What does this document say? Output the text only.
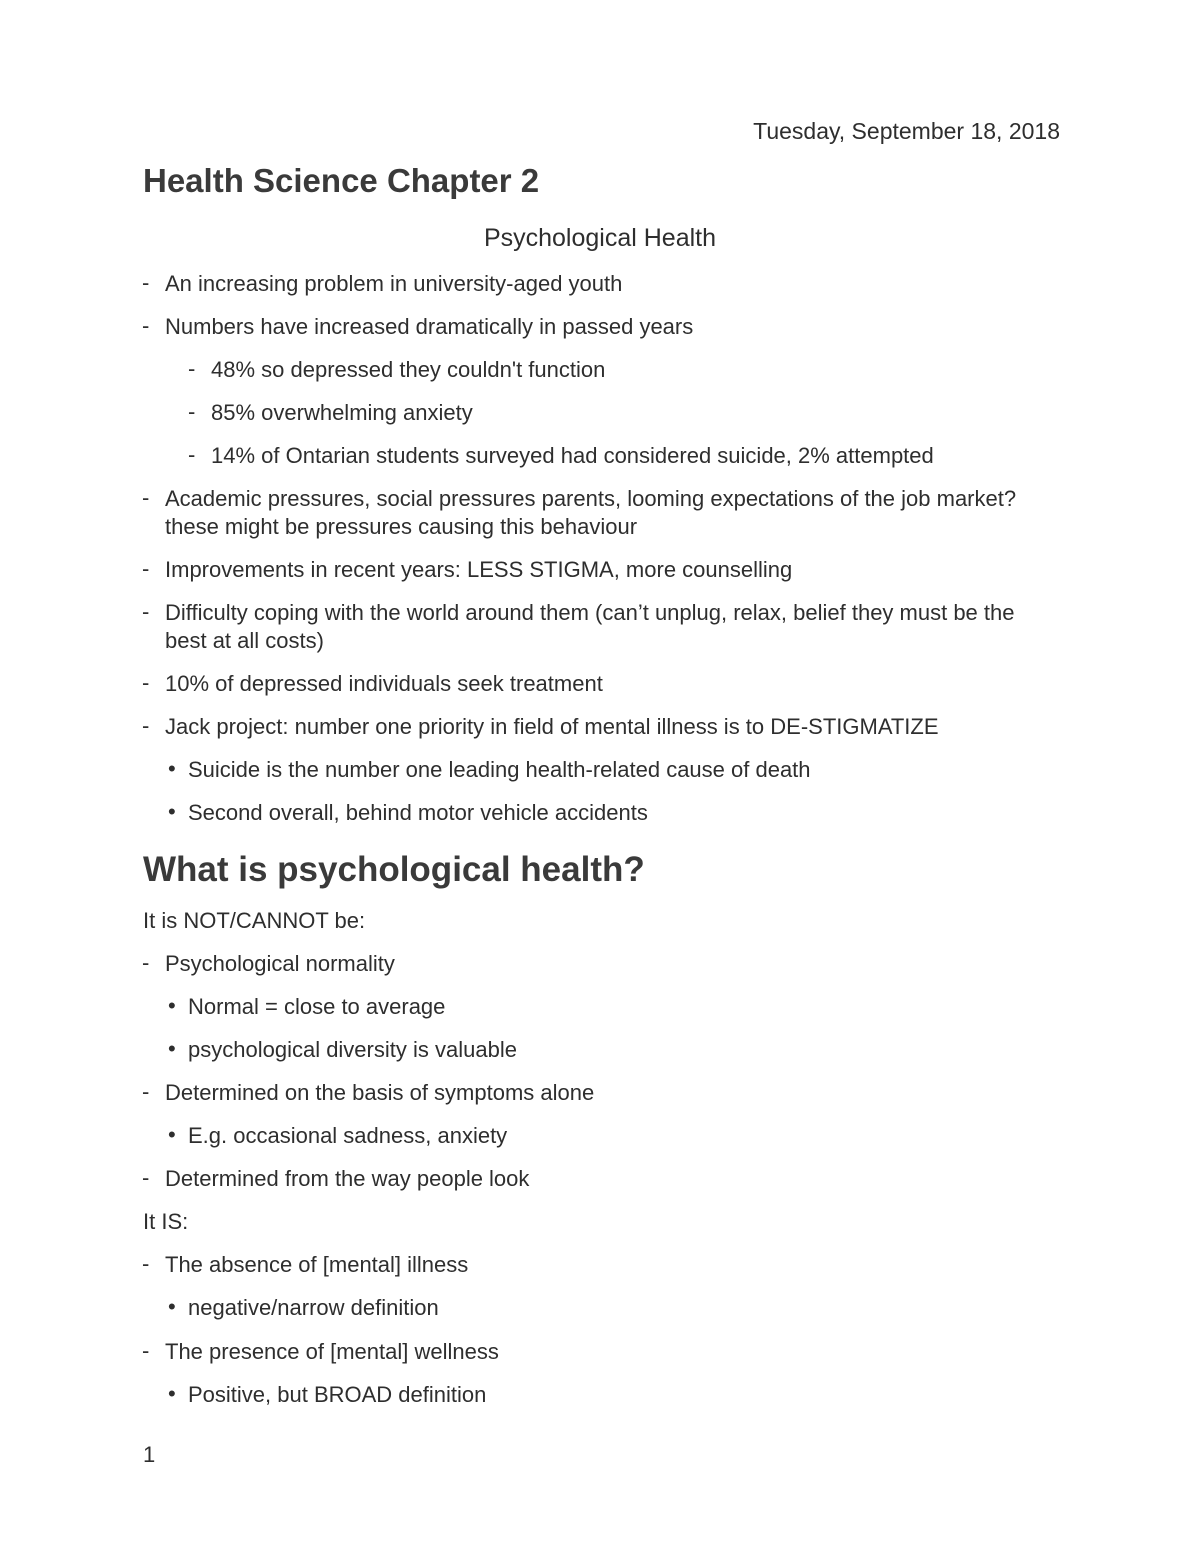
Tuesday, September 18, 2018
Health Science Chapter 2
Psychological Health
- An increasing problem in university-aged youth
- Numbers have increased dramatically in passed years
- 48% so depressed they couldn't function
- 85% overwhelming anxiety
- 14% of Ontarian students surveyed had considered suicide, 2% attempted
- Academic pressures, social pressures parents, looming expectations of the job market? these might be pressures causing this behaviour
- Improvements in recent years: LESS STIGMA, more counselling
- Difficulty coping with the world around them (can’t unplug, relax, belief they must be the best at all costs)
- 10% of depressed individuals seek treatment
- Jack project: number one priority in field of mental illness is to DE-STIGMATIZE
• Suicide is the number one leading health-related cause of death
• Second overall, behind motor vehicle accidents
What is psychological health?
It is NOT/CANNOT be:
- Psychological normality
• Normal = close to average
• psychological diversity is valuable
- Determined on the basis of symptoms alone
• E.g. occasional sadness, anxiety
- Determined from the way people look
It IS:
- The absence of [mental] illness
• negative/narrow definition
- The presence of [mental] wellness
• Positive, but BROAD definition
1
